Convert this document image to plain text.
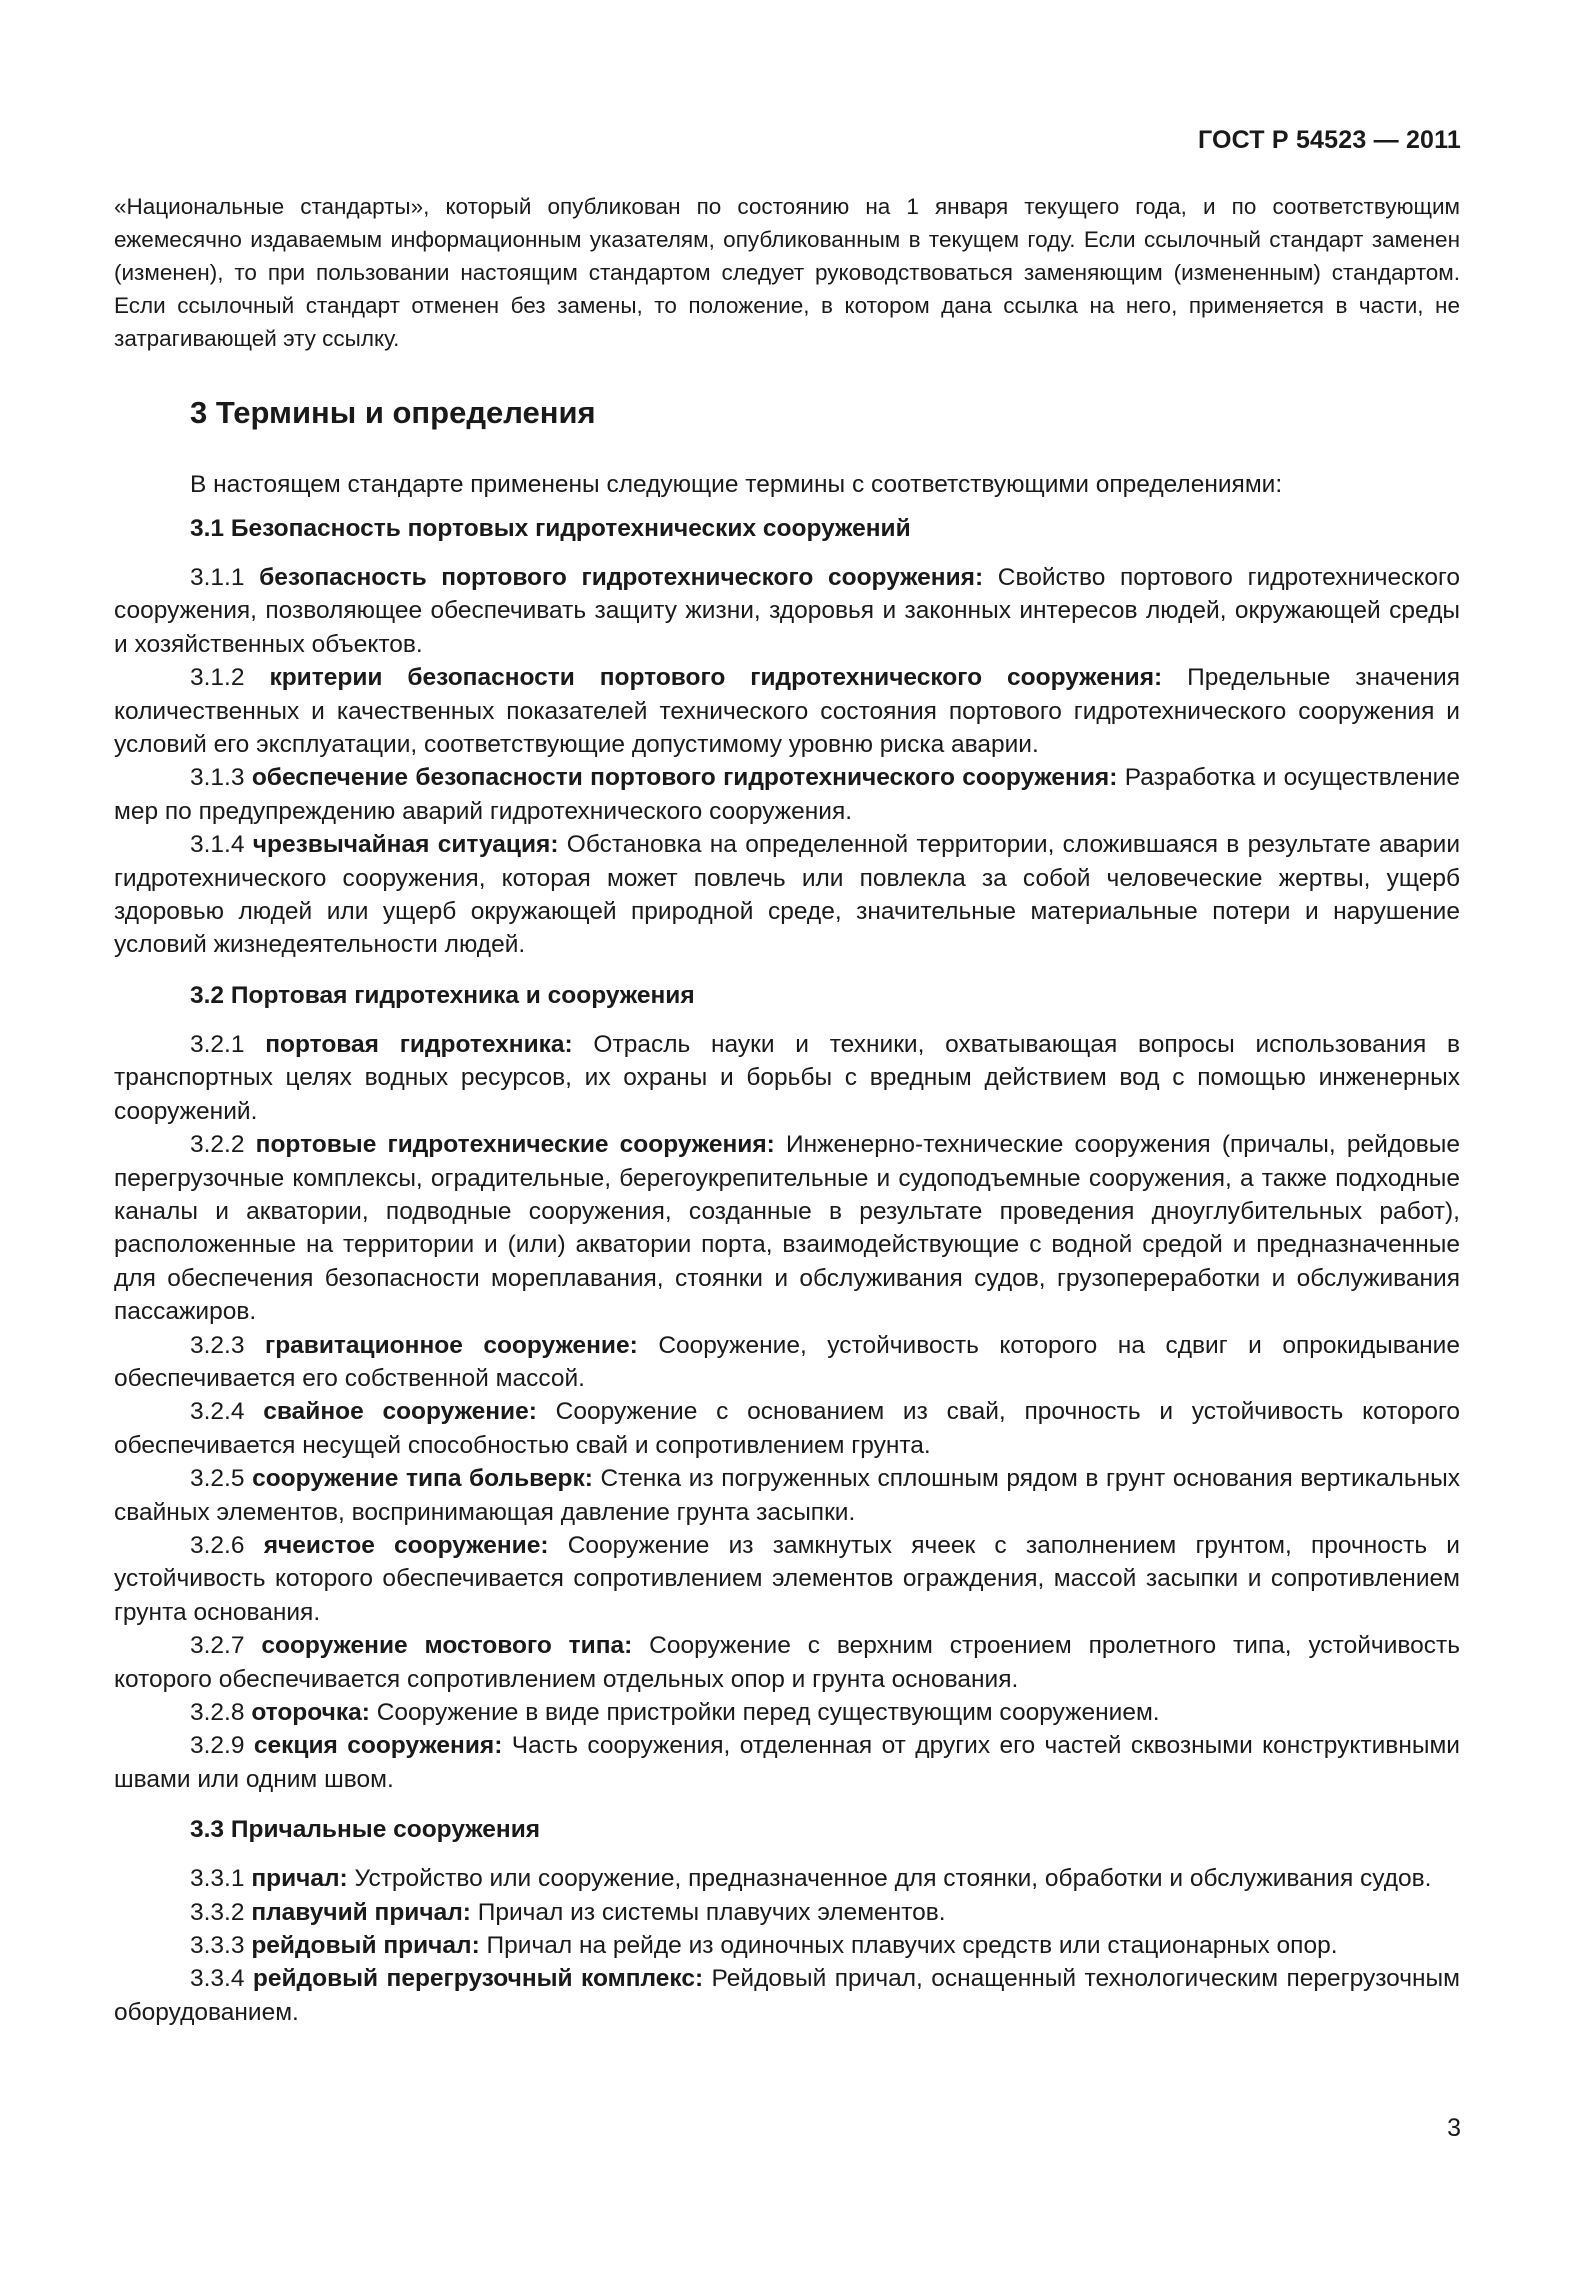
ГОСТ Р 54523 — 2011

«Национальные стандарты», который опубликован по состоянию на 1 января текущего года, и по соответствующим ежемесячно издаваемым информационным указателям, опубликованным в текущем году. Если ссылочный стандарт заменен (изменен), то при пользовании настоящим стандартом следует руководствоваться заменяющим (измененным) стандартом. Если ссылочный стандарт отменен без замены, то положение, в котором дана ссылка на него, применяется в части, не затрагивающей эту ссылку.

3 Термины и определения

В настоящем стандарте применены следующие термины с соответствующими определениями:

3.1 Безопасность портовых гидротехнических сооружений

3.1.1 безопасность портового гидротехнического сооружения: Свойство портового гидротехнического сооружения, позволяющее обеспечивать защиту жизни, здоровья и законных интересов людей, окружающей среды и хозяйственных объектов.

3.1.2 критерии безопасности портового гидротехнического сооружения: Предельные значения количественных и качественных показателей технического состояния портового гидротехнического сооружения и условий его эксплуатации, соответствующие допустимому уровню риска аварии.

3.1.3 обеспечение безопасности портового гидротехнического сооружения: Разработка и осуществление мер по предупреждению аварий гидротехнического сооружения.

3.1.4 чрезвычайная ситуация: Обстановка на определенной территории, сложившаяся в результате аварии гидротехнического сооружения, которая может повлечь или повлекла за собой человеческие жертвы, ущерб здоровью людей или ущерб окружающей природной среде, значительные материальные потери и нарушение условий жизнедеятельности людей.

3.2 Портовая гидротехника и сооружения

3.2.1 портовая гидротехника: Отрасль науки и техники, охватывающая вопросы использования в транспортных целях водных ресурсов, их охраны и борьбы с вредным действием вод с помощью инженерных сооружений.

3.2.2 портовые гидротехнические сооружения: Инженерно-технические сооружения (причалы, рейдовые перегрузочные комплексы, оградительные, берегоукрепительные и судоподъемные сооружения, а также подходные каналы и акватории, подводные сооружения, созданные в результате проведения дноуглубительных работ), расположенные на территории и (или) акватории порта, взаимодействующие с водной средой и предназначенные для обеспечения безопасности мореплавания, стоянки и обслуживания судов, грузопереработки и обслуживания пассажиров.

3.2.3 гравитационное сооружение: Сооружение, устойчивость которого на сдвиг и опрокидывание обеспечивается его собственной массой.

3.2.4 свайное сооружение: Сооружение с основанием из свай, прочность и устойчивость которого обеспечивается несущей способностью свай и сопротивлением грунта.

3.2.5 сооружение типа больверк: Стенка из погруженных сплошным рядом в грунт основания вертикальных свайных элементов, воспринимающая давление грунта засыпки.

3.2.6 ячеистое сооружение: Сооружение из замкнутых ячеек с заполнением грунтом, прочность и устойчивость которого обеспечивается сопротивлением элементов ограждения, массой засыпки и сопротивлением грунта основания.

3.2.7 сооружение мостового типа: Сооружение с верхним строением пролетного типа, устойчивость которого обеспечивается сопротивлением отдельных опор и грунта основания.

3.2.8 оторочка: Сооружение в виде пристройки перед существующим сооружением.

3.2.9 секция сооружения: Часть сооружения, отделенная от других его частей сквозными конструктивными швами или одним швом.

3.3 Причальные сооружения

3.3.1 причал: Устройство или сооружение, предназначенное для стоянки, обработки и обслуживания судов.

3.3.2 плавучий причал: Причал из системы плавучих элементов.

3.3.3 рейдовый причал: Причал на рейде из одиночных плавучих средств или стационарных опор.

3.3.4 рейдовый перегрузочный комплекс: Рейдовый причал, оснащенный технологическим перегрузочным оборудованием.

3
